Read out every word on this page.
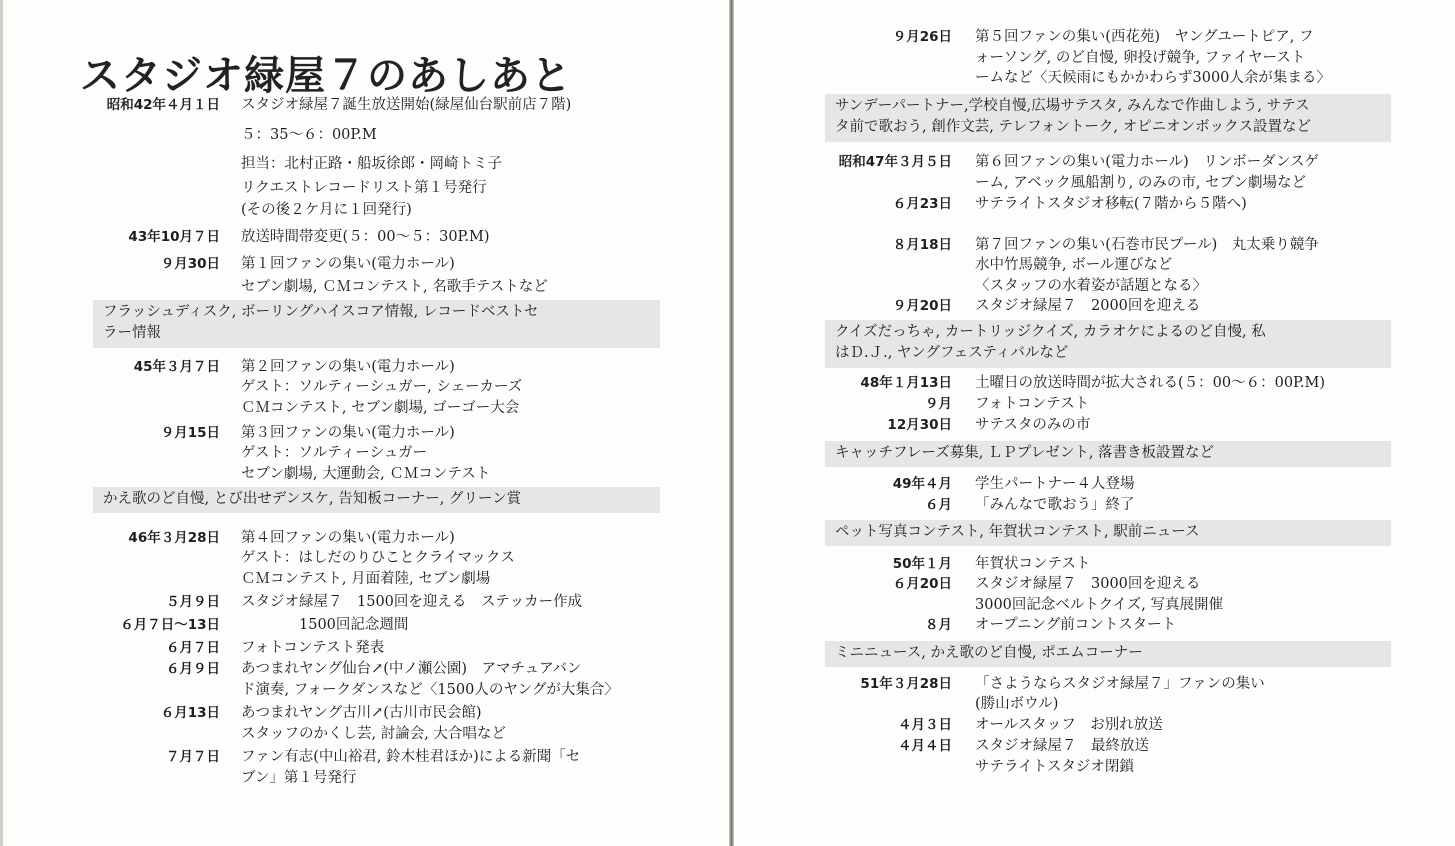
スタジオ緑屋７のあしあと
昭和42年４月１日 スタジオ緑屋７誕生放送開始(緑屋仙台駅前店７階)
５：35〜６：00P.M
担当：北村正路・船坂徐郎・岡崎トミ子
リクエストレコードリスト第１号発行
(その後２ケ月に１回発行)
43年10月７日 放送時間帯変更(５：00〜５：30P.M)
９月30日 第１回ファンの集い(電力ホール)
セブン劇場, ＣＭコンテスト, 名歌手テストなど
45年３月７日 第２回ファンの集い(電力ホール)
ゲスト：ソルティーシュガー, シェーカーズ
ＣＭコンテスト, セブン劇場, ゴーゴー大会
９月15日 第３回ファンの集い(電力ホール)
ゲスト：ソルティーシュガー
セブン劇場, 大運動会, ＣＭコンテスト
46年３月28日 第４回ファンの集い(電力ホール)
ゲスト：はしだのりひことクライマックス
ＣＭコンテスト, 月面着陸, セブン劇場
５月９日 スタジオ緑屋７　1500回を迎える　ステッカー作成
６月７日〜13日	1500回記念週間
６月７日 フォトコンテスト発表
６月９日 あつまれヤング仙台↗(中ノ瀬公園)　アマチュアバン
ド演奏, フォークダンスなど〈1500人のヤングが大集合〉
６月13日 あつまれヤング古川↗(古川市民会館)
スタッフのかくし芸, 討論会, 大合唱など
７月７日 ファン有志(中山裕君, 鈴木桂君ほか)による新聞「セ
ブン」第１号発行
フラッシュディスク, ボーリングハイスコア情報, レコードベストセ
ラー情報
かえ歌のど自慢, とび出せデンスケ, 告知板コーナー, グリーン賞
９月26日 第５回ファンの集い(西花苑)　ヤングユートピア, フ
ォーソング, のど自慢, 卵投げ競争, ファイヤースト
ームなど〈天候雨にもかかわらず3000人余が集まる〉
昭和47年３月５日 第６回ファンの集い(電力ホール)　リンボーダンスゲ
ーム, アベック風船割り, のみの市, セブン劇場など
６月23日 サテライトスタジオ移転(７階から５階へ)
８月18日 第７回ファンの集い(石巻市民プール)　丸太乗り競争
水中竹馬競争, ボール運びなど
〈スタッフの水着姿が話題となる〉
９月20日 スタジオ緑屋７　2000回を迎える
48年１月13日 土曜日の放送時間が拡大される(５：00〜６：00P.M)
９月 フォトコンテスト
12月30日 サテスタのみの市
49年４月 学生パートナー４人登場
６月 「みんなで歌おう」終了
50年１月 年賀状コンテスト
６月20日 スタジオ緑屋７　3000回を迎える
3000回記念ベルトクイズ, 写真展開催
８月 オープニング前コントスタート
51年３月28日 「さようならスタジオ緑屋７」ファンの集い
(勝山ボウル)
４月３日 オールスタッフ　お別れ放送
４月４日 スタジオ緑屋７　最終放送
サテライトスタジオ閉鎖
サンデーパートナー,学校自慢,広場サテスタ, みんなで作曲しよう, サテス
タ前で歌おう, 創作文芸, テレフォントーク, オピニオンボックス設置など
クイズだっちゃ, カートリッジクイズ, カラオケによるのど自慢, 私
はＤ.Ｊ., ヤングフェスティバルなど
キャッチフレーズ募集, ＬＰプレゼント, 落書き板設置など
ペット写真コンテスト, 年賀状コンテスト, 駅前ニュース
ミニニュース, かえ歌のど自慢, ポエムコーナー
